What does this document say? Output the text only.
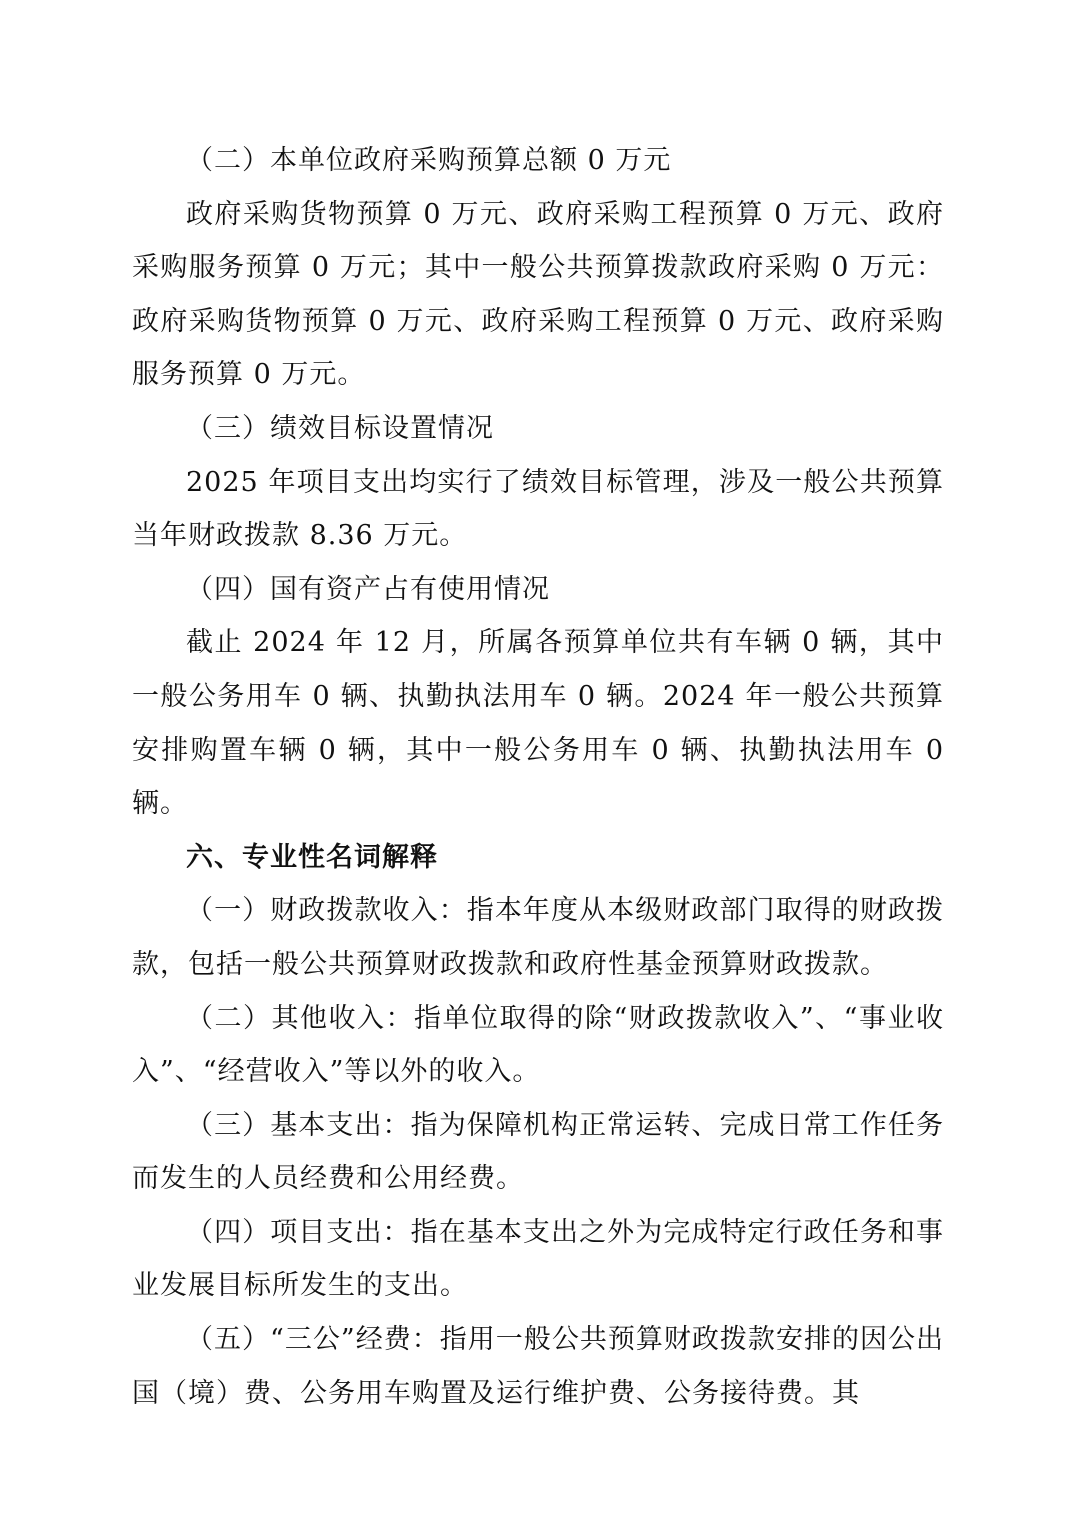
（二）本单位政府采购预算总额 0 万元

政府采购货物预算 0 万元、政府采购工程预算 0 万元、政府采购服务预算 0 万元；其中一般公共预算拨款政府采购 0 万元：政府采购货物预算 0 万元、政府采购工程预算 0 万元、政府采购服务预算 0 万元。

（三）绩效目标设置情况

2025 年项目支出均实行了绩效目标管理，涉及一般公共预算当年财政拨款 8.36 万元。

（四）国有资产占有使用情况

截止 2024 年 12 月，所属各预算单位共有车辆 0 辆，其中一般公务用车 0 辆、执勤执法用车 0 辆。2024 年一般公共预算安排购置车辆 0 辆，其中一般公务用车 0 辆、执勤执法用车 0 辆。

六、专业性名词解释

（一）财政拨款收入：指本年度从本级财政部门取得的财政拨款，包括一般公共预算财政拨款和政府性基金预算财政拨款。

（二）其他收入：指单位取得的除“财政拨款收入”、“事业收入”、“经营收入”等以外的收入。

（三）基本支出：指为保障机构正常运转、完成日常工作任务而发生的人员经费和公用经费。

（四）项目支出：指在基本支出之外为完成特定行政任务和事业发展目标所发生的支出。

（五）“三公”经费：指用一般公共预算财政拨款安排的因公出国（境）费、公务用车购置及运行维护费、公务接待费。其
